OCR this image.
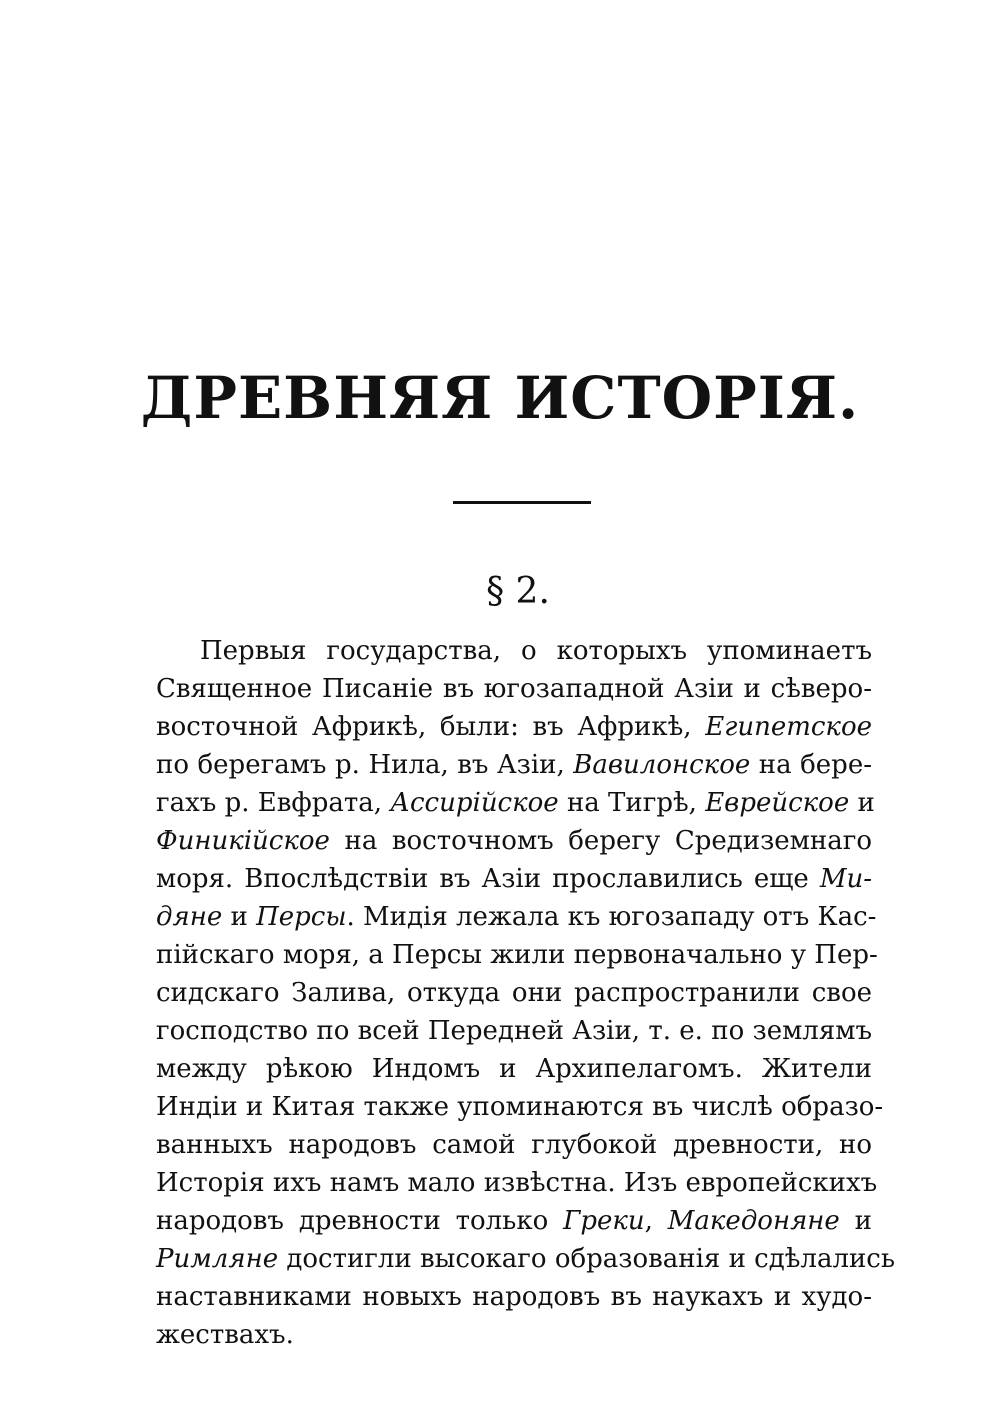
ДРЕВНЯЯ ИСТОРІЯ.
§ 2.
Первыя государства, о которыхъ упоминаетъ
Священное Писаніе въ югозападной Азіи и сѣверо-
восточной Африкѣ, были: въ Африкѣ, Египетское
по берегамъ р. Нила, въ Азіи, Вавилонское на бере-
гахъ р. Евфрата, Ассирійское на Тигрѣ, Еврейское и
Финикійское на восточномъ берегу Средиземнаго
моря. Впослѣдствіи въ Азіи прославились еще Ми-
дяне и Персы. Мидія лежала къ югозападу отъ Кас-
пійскаго моря, а Персы жили первоначально у Пер-
сидскаго Залива, откуда они распространили свое
господство по всей Передней Азіи, т. е. по землямъ
между рѣкою Индомъ и Архипелагомъ. Жители
Индіи и Китая также упоминаются въ числѣ образо-
ванныхъ народовъ самой глубокой древности, но
Исторія ихъ намъ мало извѣстна. Изъ европейскихъ
народовъ древности только Греки, Македоняне и
Римляне достигли высокаго образованія и сдѣлались
наставниками новыхъ народовъ въ наукахъ и худо-
жествахъ.
